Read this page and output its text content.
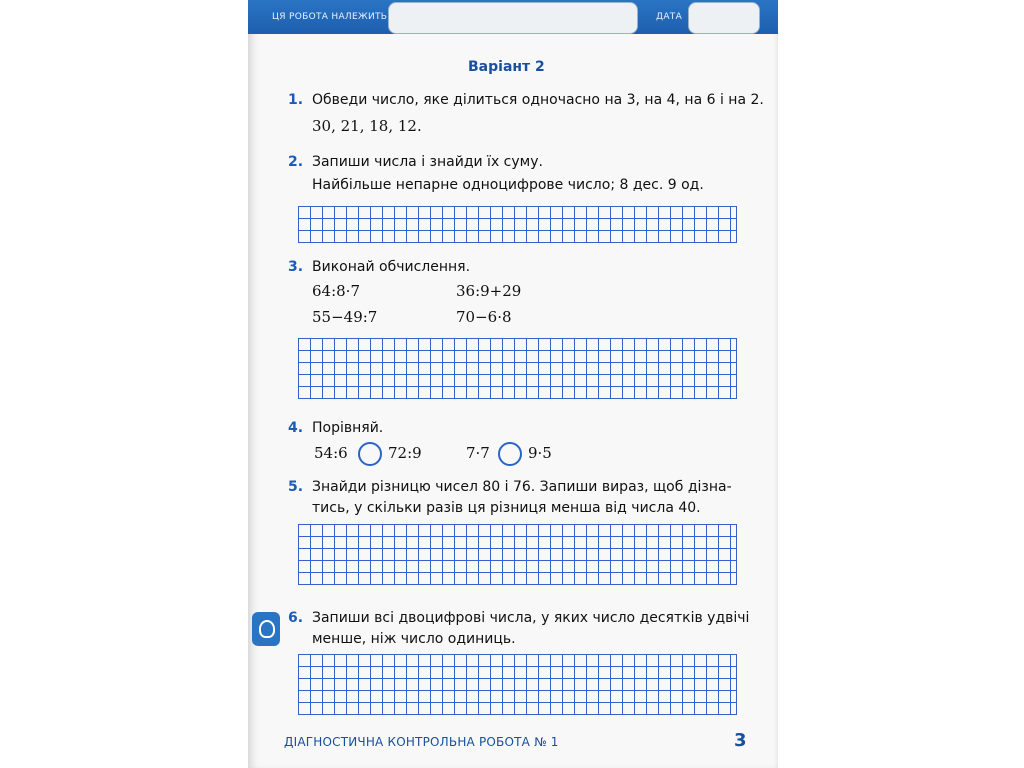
ЦЯ РОБОТА НАЛЕЖИТЬ	ДАТА
Варіант 2
1. Обведи число, яке ділиться одночасно на 3, на 4, на 6 і на 2.
30, 21, 18, 12.
2. Запиши числа і знайди їх суму.
Найбільше непарне одноцифрове число; 8 дес. 9 од.
3. Виконай обчислення.
64:8·7	36:9+29
55−49:7	70−6·8
4. Порівняй.
54:6	72:9	7·7	9·5
5. Знайди різницю чисел 80 і 76. Запиши вираз, щоб дізна-
тись, у скільки разів ця різниця менша від числа 40.
6. Запиши всі двоцифрові числа, у яких число десятків удвічі
менше, ніж число одиниць.
ДІАГНОСТИЧНА КОНТРОЛЬНА РОБОТА № 1	3
